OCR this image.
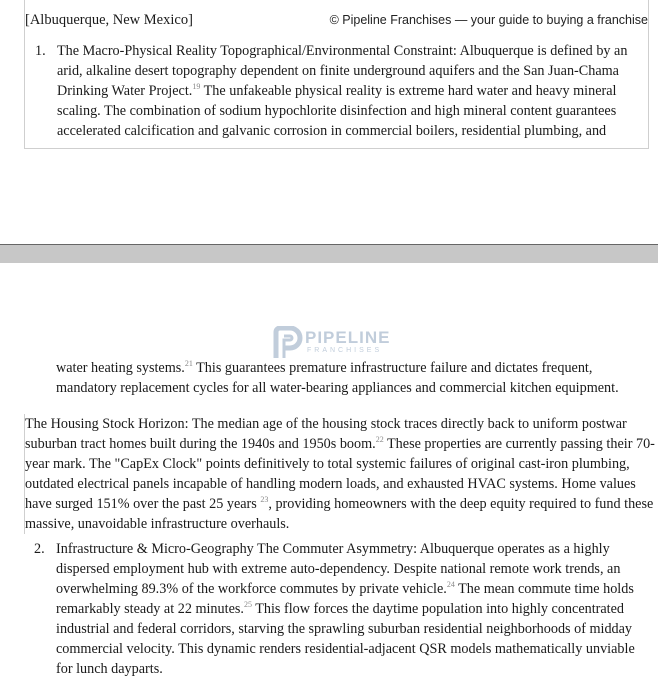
[Albuquerque, New Mexico]
1. The Macro-Physical Reality Topographical/Environmental Constraint: Albuquerque is defined by an arid, alkaline desert topography dependent on finite underground aquifers and the San Juan-Chama Drinking Water Project.$^{19}$ The unfakeable physical reality is extreme hard water and heavy mineral scaling. The combination of sodium hypochlorite disinfection and high mineral content guarantees accelerated calcification and galvanic corrosion in commercial boilers, residential plumbing, and
© Pipeline Franchises — your guide to buying a franchise
PIPELINE
FRANCHISES
water heating systems.$^{21}$ This guarantees premature infrastructure failure and dictates frequent, mandatory replacement cycles for all water-bearing appliances and commercial kitchen equipment.
The Housing Stock Horizon: The median age of the housing stock traces directly back to uniform postwar suburban tract homes built during the 1940s and 1950s boom.$^{22}$ These properties are currently passing their 70-year mark. The "CapEx Clock" points definitively to total systemic failures of original cast-iron plumbing, outdated electrical panels incapable of handling modern loads, and exhausted HVAC systems. Home values have surged 151% over the past 25 years $^{23}$, providing homeowners with the deep equity required to fund these massive, unavoidable infrastructure overhauls.
2. Infrastructure & Micro-Geography The Commuter Asymmetry: Albuquerque operates as a highly dispersed employment hub with extreme auto-dependency. Despite national remote work trends, an overwhelming 89.3% of the workforce commutes by private vehicle.$^{24}$ The mean commute time holds remarkably steady at 22 minutes.$^{25}$ This flow forces the daytime population into highly concentrated industrial and federal corridors, starving the sprawling suburban residential neighborhoods of midday commercial velocity. This dynamic renders residential-adjacent QSR models mathematically unviable for lunch dayparts.
